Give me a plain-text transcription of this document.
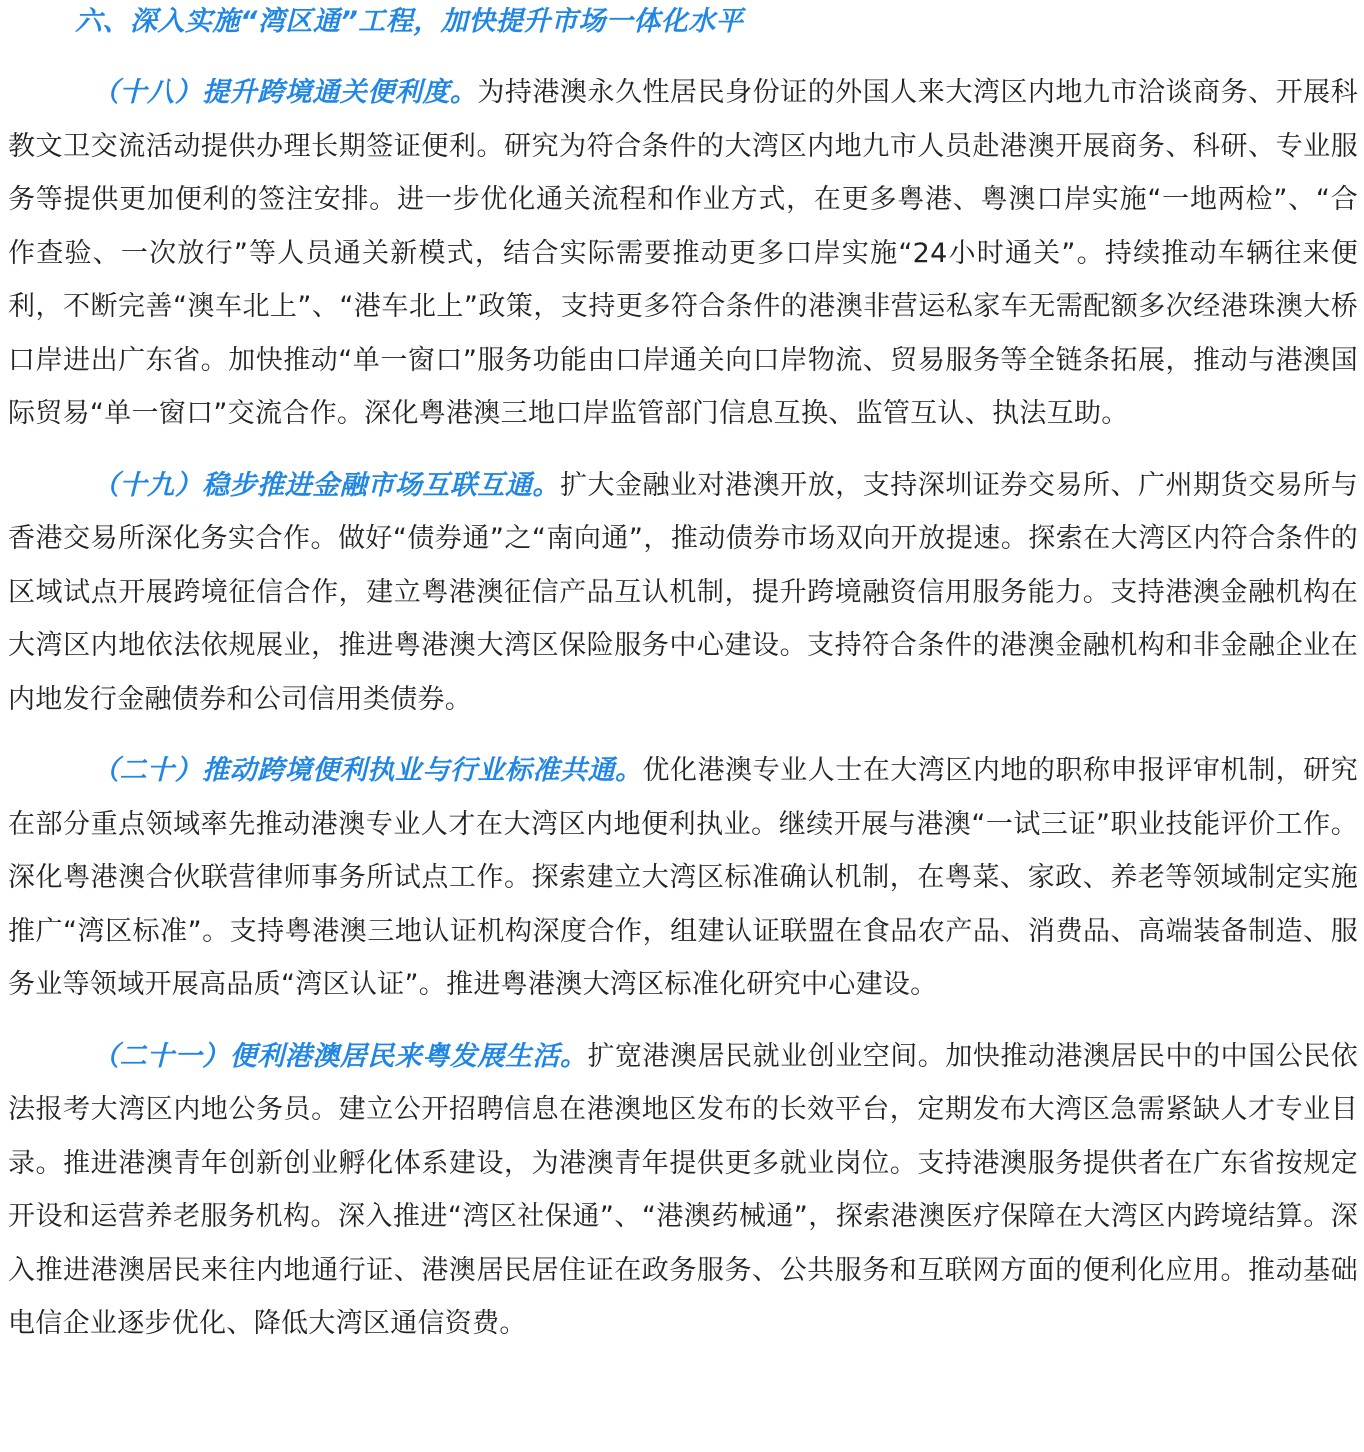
六、深入实施“湾区通”工程，加快提升市场一体化水平

（十八）提升跨境通关便利度。为持港澳永久性居民身份证的外国人来大湾区内地九市洽谈商务、开展科教文卫交流活动提供办理长期签证便利。研究为符合条件的大湾区内地九市人员赴港澳开展商务、科研、专业服务等提供更加便利的签注安排。进一步优化通关流程和作业方式，在更多粤港、粤澳口岸实施“一地两检”、“合作查验、一次放行”等人员通关新模式，结合实际需要推动更多口岸实施“24小时通关”。持续推动车辆往来便利，不断完善“澳车北上”、“港车北上”政策，支持更多符合条件的港澳非营运私家车无需配额多次经港珠澳大桥口岸进出广东省。加快推动“单一窗口”服务功能由口岸通关向口岸物流、贸易服务等全链条拓展，推动与港澳国际贸易“单一窗口”交流合作。深化粤港澳三地口岸监管部门信息互换、监管互认、执法互助。

（十九）稳步推进金融市场互联互通。扩大金融业对港澳开放，支持深圳证券交易所、广州期货交易所与香港交易所深化务实合作。做好“债券通”之“南向通”，推动债券市场双向开放提速。探索在大湾区内符合条件的区域试点开展跨境征信合作，建立粤港澳征信产品互认机制，提升跨境融资信用服务能力。支持港澳金融机构在大湾区内地依法依规展业，推进粤港澳大湾区保险服务中心建设。支持符合条件的港澳金融机构和非金融企业在内地发行金融债券和公司信用类债券。

（二十）推动跨境便利执业与行业标准共通。优化港澳专业人士在大湾区内地的职称申报评审机制，研究在部分重点领域率先推动港澳专业人才在大湾区内地便利执业。继续开展与港澳“一试三证”职业技能评价工作。深化粤港澳合伙联营律师事务所试点工作。探索建立大湾区标准确认机制，在粤菜、家政、养老等领域制定实施推广“湾区标准”。支持粤港澳三地认证机构深度合作，组建认证联盟在食品农产品、消费品、高端装备制造、服务业等领域开展高品质“湾区认证”。推进粤港澳大湾区标准化研究中心建设。

（二十一）便利港澳居民来粤发展生活。扩宽港澳居民就业创业空间。加快推动港澳居民中的中国公民依法报考大湾区内地公务员。建立公开招聘信息在港澳地区发布的长效平台，定期发布大湾区急需紧缺人才专业目录。推进港澳青年创新创业孵化体系建设，为港澳青年提供更多就业岗位。支持港澳服务提供者在广东省按规定开设和运营养老服务机构。深入推进“湾区社保通”、“港澳药械通”，探索港澳医疗保障在大湾区内跨境结算。深入推进港澳居民来往内地通行证、港澳居民居住证在政务服务、公共服务和互联网方面的便利化应用。推动基础电信企业逐步优化、降低大湾区通信资费。
